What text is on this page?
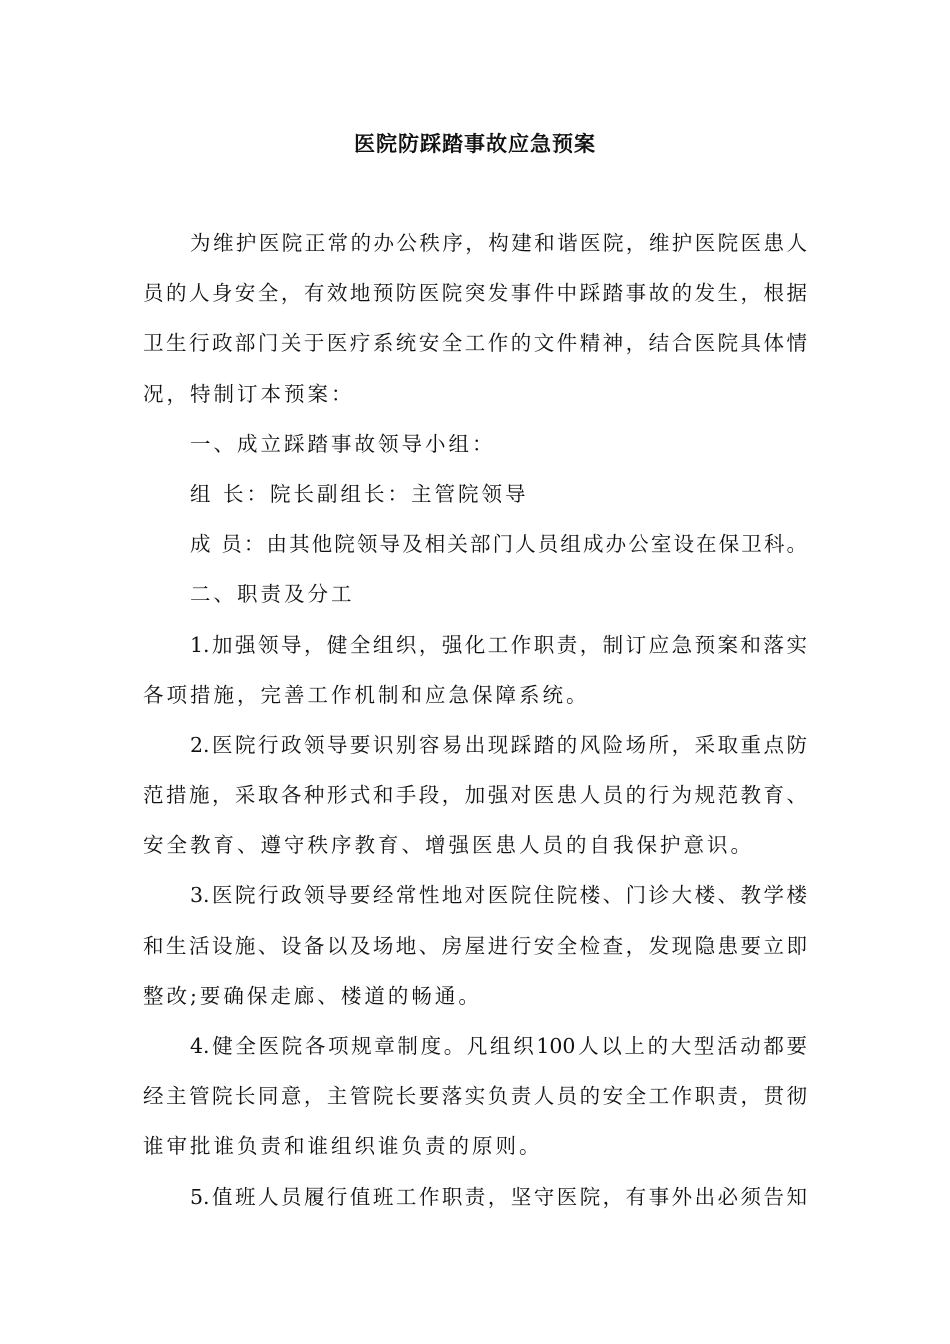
医院防踩踏事故应急预案
为维护医院正常的办公秩序，构建和谐医院，维护医院医患人
员的人身安全，有效地预防医院突发事件中踩踏事故的发生，根据
卫生行政部门关于医疗系统安全工作的文件精神，结合医院具体情
况，特制订本预案：
一、成立踩踏事故领导小组：
组 长：院长副组长：主管院领导
成 员：由其他院领导及相关部门人员组成办公室设在保卫科。
二、职责及分工
1.加强领导，健全组织，强化工作职责，制订应急预案和落实
各项措施，完善工作机制和应急保障系统。
2.医院行政领导要识别容易出现踩踏的风险场所，采取重点防
范措施，采取各种形式和手段，加强对医患人员的行为规范教育、
安全教育、遵守秩序教育、增强医患人员的自我保护意识。
3.医院行政领导要经常性地对医院住院楼、门诊大楼、教学楼
和生活设施、设备以及场地、房屋进行安全检查，发现隐患要立即
整改;要确保走廊、楼道的畅通。
4.健全医院各项规章制度。凡组织100人以上的大型活动都要
经主管院长同意，主管院长要落实负责人员的安全工作职责，贯彻
谁审批谁负责和谁组织谁负责的原则。
5.值班人员履行值班工作职责，坚守医院，有事外出必须告知
